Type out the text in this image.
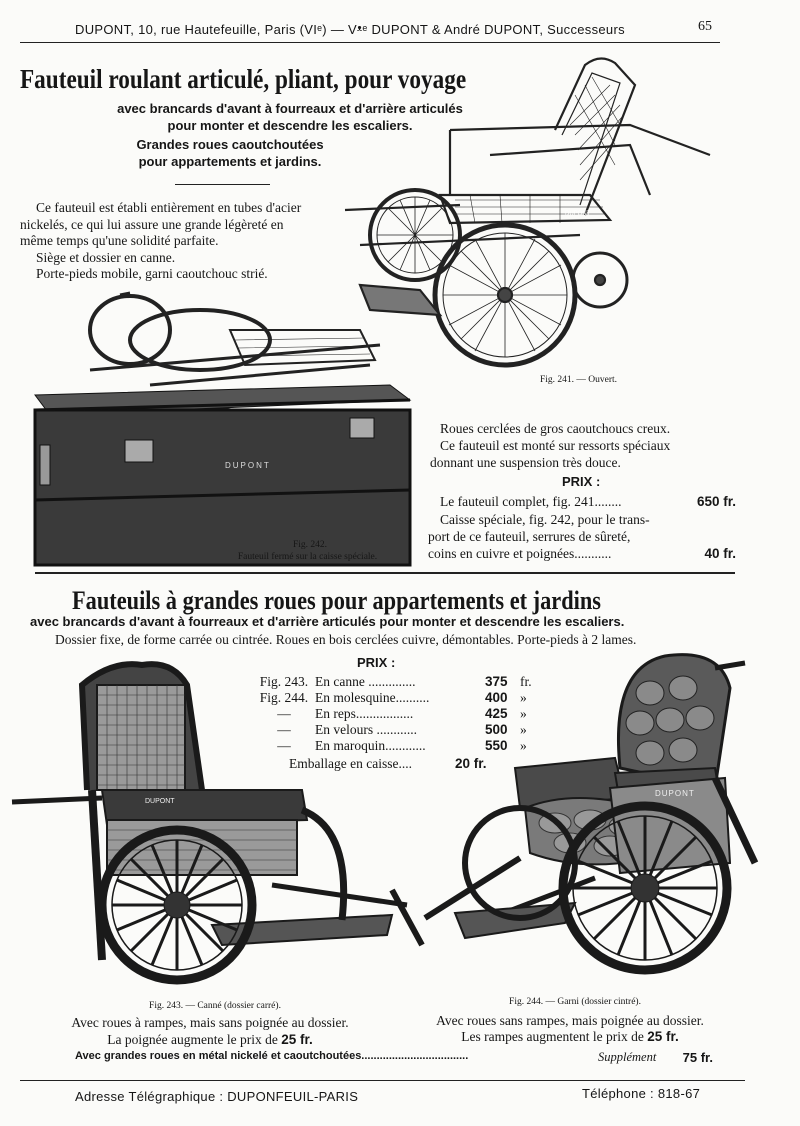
DUPONT, 10, rue Hautefeuille, Paris (VIᵉ) — Vᵜᵉ DUPONT & André DUPONT, Successeurs	65
Fauteuil roulant articulé, pliant, pour voyage
avec brancards d'avant à fourreaux et d'arrière articulés
pour monter et descendre les escaliers.
Grandes roues caoutchoutées
pour appartements et jardins.
Ce fauteuil est établi entièrement en tubes d'acier
nickelés, ce qui lui assure une grande légèreté en
même temps qu'une solidité parfaite.
Siège et dossier en canne.
Porte-pieds mobile, garni caoutchouc strié.
DUPONT
Fig. 241. — Ouvert.
DUPONT
Fig. 242.
Fauteuil fermé sur la caisse spéciale.
Roues cerclées de gros caoutchoucs creux.
Ce fauteuil est monté sur ressorts spéciaux
donnant une suspension très douce.
PRIX :
Le fauteuil complet, fig. 241........	650 fr.
Caisse spéciale, fig. 242, pour le trans-
port de ce fauteuil, serrures de sûreté,
coins en cuivre et poignées...........	40 fr.
Fauteuils à grandes roues pour appartements et jardins
avec brancards d'avant à fourreaux et d'arrière articulés pour monter et descendre les escaliers.
Dossier fixe, de forme carrée ou cintrée. Roues en bois cerclées cuivre, démontables. Porte-pieds à 2 lames.
PRIX :
Fig. 243. En canne ..............	375 fr.
Fig. 244. En molesquine..........	400 »
—	En reps.................	425 »
—	En velours ............	500 »
—	En maroquin............	550 »
Emballage en caisse....	20 fr.
DUPONT
DUPONT
Fig. 243. — Canné (dossier carré).	Fig. 244. — Garni (dossier cintré).
Avec roues à rampes, mais sans poignée au dossier.
La poignée augmente le prix de 25 fr.
Avec roues sans rampes, mais poignée au dossier.
Les rampes augmentent le prix de 25 fr.
Avec grandes roues en métal nickelé et caoutchoutées...................................	Supplément 75 fr.
Adresse Télégraphique : DUPONFEUIL-PARIS	Téléphone : 818-67
